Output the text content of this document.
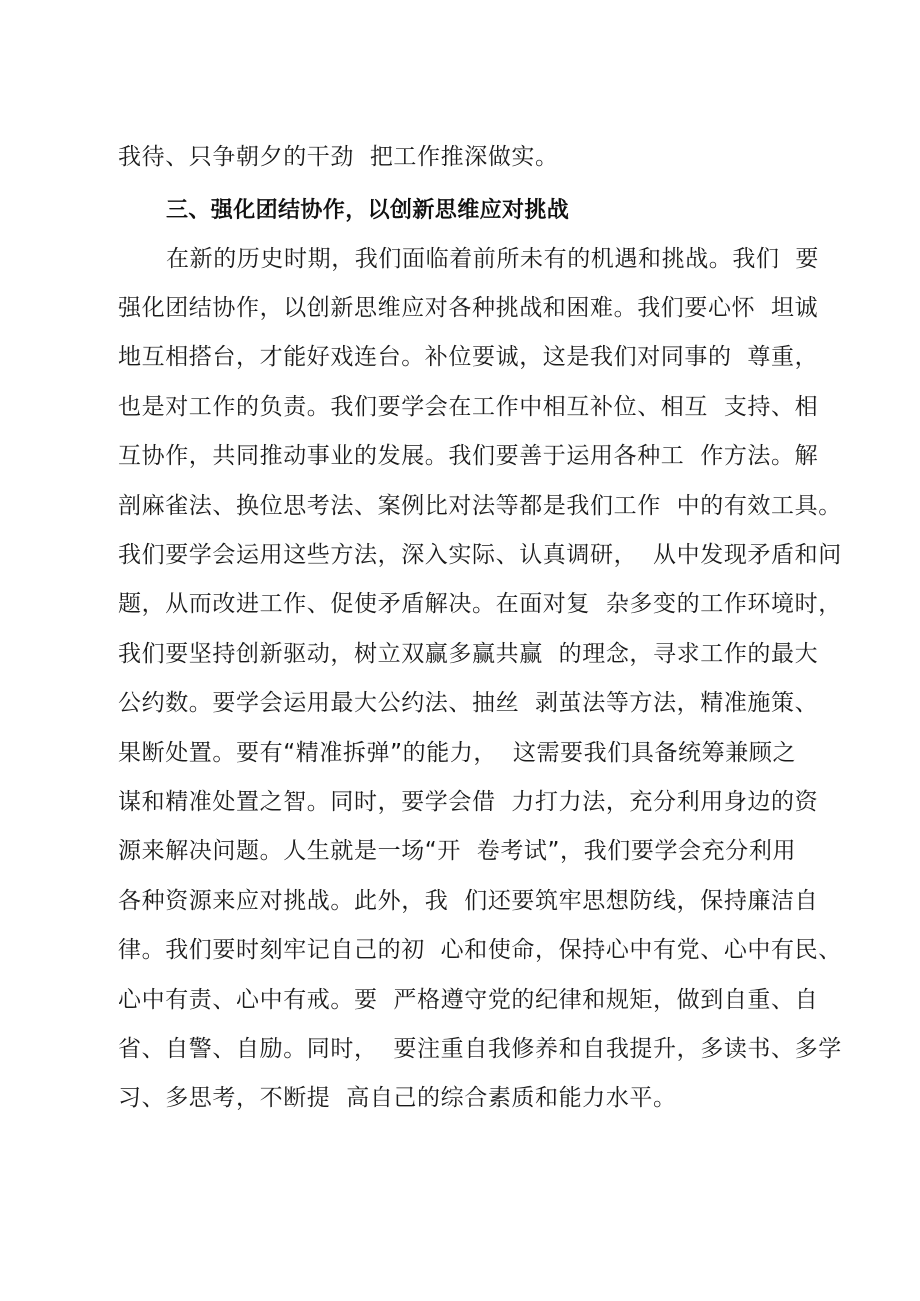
我待、只争朝夕的干劲  把工作推深做实。
三、强化团结协作，以创新思维应对挑战
在新的历史时期，我们面临着前所未有的机遇和挑战。我们  要
强化团结协作，以创新思维应对各种挑战和困难。我们要心怀  坦诚
地互相搭台，才能好戏连台。补位要诚，这是我们对同事的  尊重，
也是对工作的负责。我们要学会在工作中相互补位、相互  支持、相
互协作，共同推动事业的发展。我们要善于运用各种工  作方法。解
剖麻雀法、换位思考法、案例比对法等都是我们工作  中的有效工具。
我们要学会运用这些方法，深入实际、认真调研，  从中发现矛盾和问
题，从而改进工作、促使矛盾解决。在面对复  杂多变的工作环境时，
我们要坚持创新驱动，树立双赢多赢共赢  的理念，寻求工作的最大
公约数。要学会运用最大公约法、抽丝  剥茧法等方法，精准施策、
果断处置。要有“精准拆弹”的能力，  这需要我们具备统筹兼顾之
谋和精准处置之智。同时，要学会借  力打力法，充分利用身边的资
源来解决问题。人生就是一场“开  卷考试”，我们要学会充分利用
各种资源来应对挑战。此外，我  们还要筑牢思想防线，保持廉洁自
律。我们要时刻牢记自己的初  心和使命，保持心中有党、心中有民、
心中有责、心中有戒。要  严格遵守党的纪律和规矩，做到自重、自
省、自警、自励。同时，  要注重自我修养和自我提升，多读书、多学
习、多思考，不断提  高自己的综合素质和能力水平。
